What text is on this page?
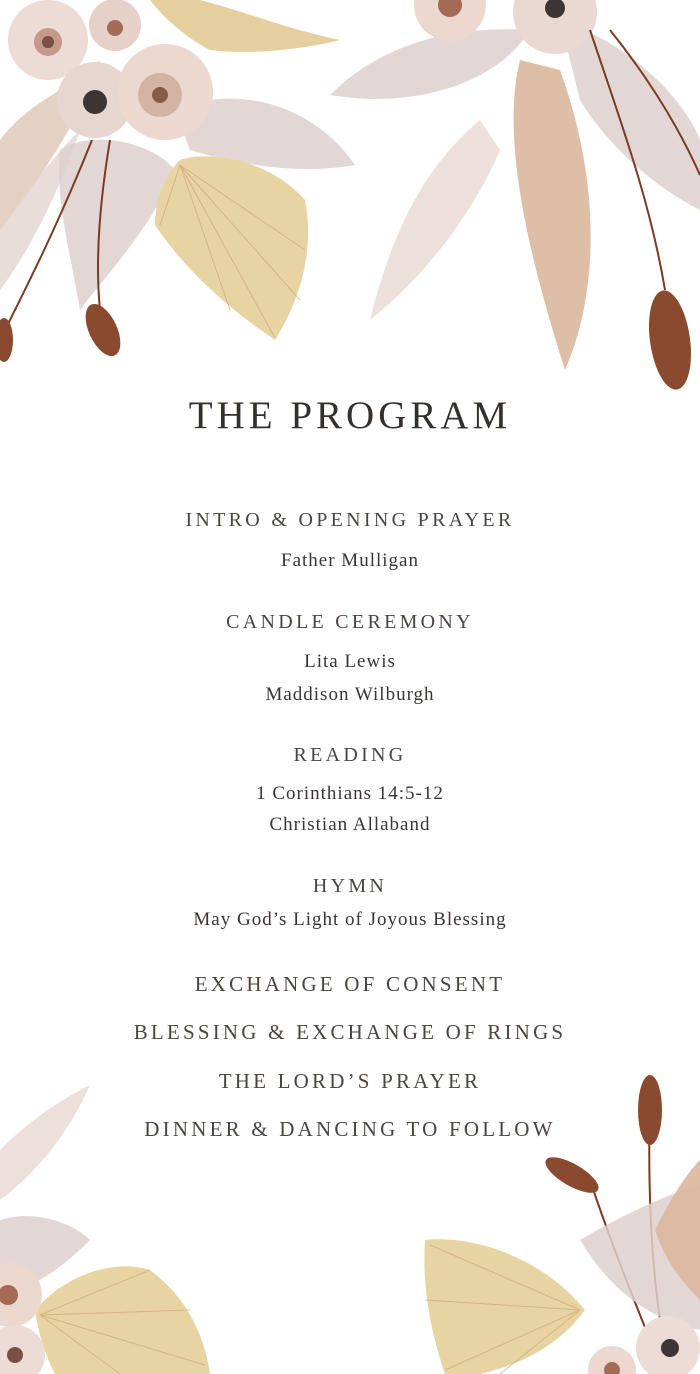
THE PROGRAM
INTRO & OPENING PRAYER
Father Mulligan
CANDLE CEREMONY
Lita Lewis
Maddison Wilburgh
READING
1 Corinthians 14:5-12
Christian Allaband
HYMN
May God’s Light of Joyous Blessing
EXCHANGE OF CONSENT
BLESSING & EXCHANGE OF RINGS
THE LORD’S PRAYER
DINNER & DANCING TO FOLLOW
